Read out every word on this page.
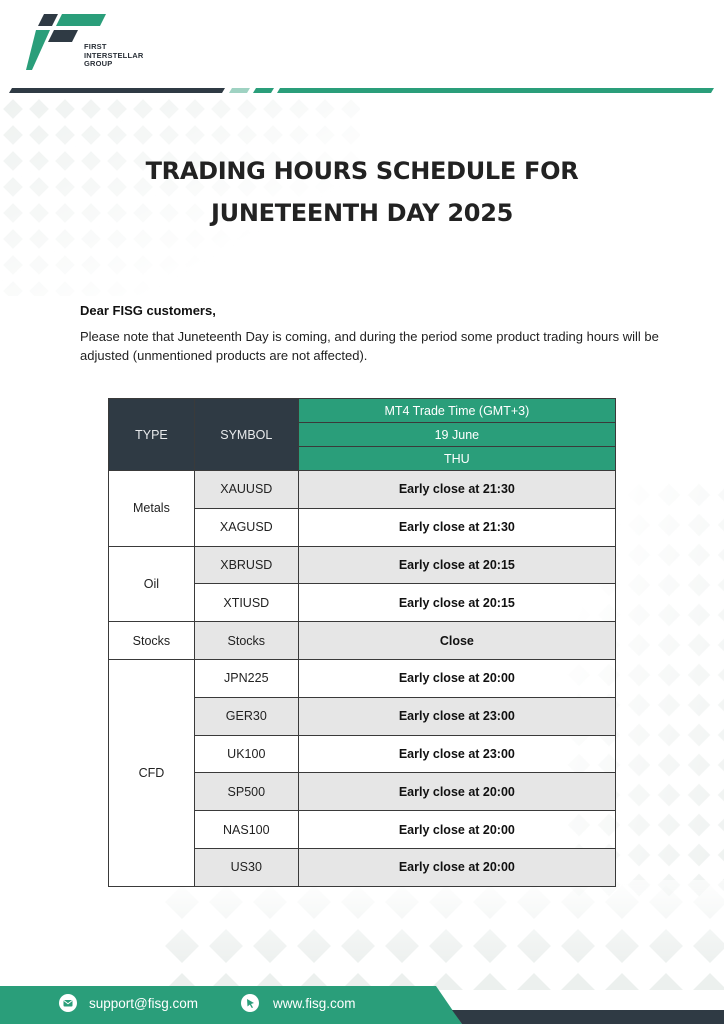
FIRST
INTERSTELLAR
GROUP
TRADING HOURS SCHEDULE FOR
JUNETEENTH DAY 2025
Dear FISG customers,
Please note that Juneteenth Day is coming, and during the period some product trading hours will be adjusted (unmentioned products are not affected).
TYPE	SYMBOL	MT4 Trade Time (GMT+3)
		19 June
		THU
Metals	XAUUSD	Early close at 21:30
	XAGUSD	Early close at 21:30
Oil	XBRUSD	Early close at 20:15
	XTIUSD	Early close at 20:15
Stocks	Stocks	Close
CFD	JPN225	Early close at 20:00
	GER30	Early close at 23:00
	UK100	Early close at 23:00
	SP500	Early close at 20:00
	NAS100	Early close at 20:00
	US30	Early close at 20:00
support@fisg.com	www.fisg.com
